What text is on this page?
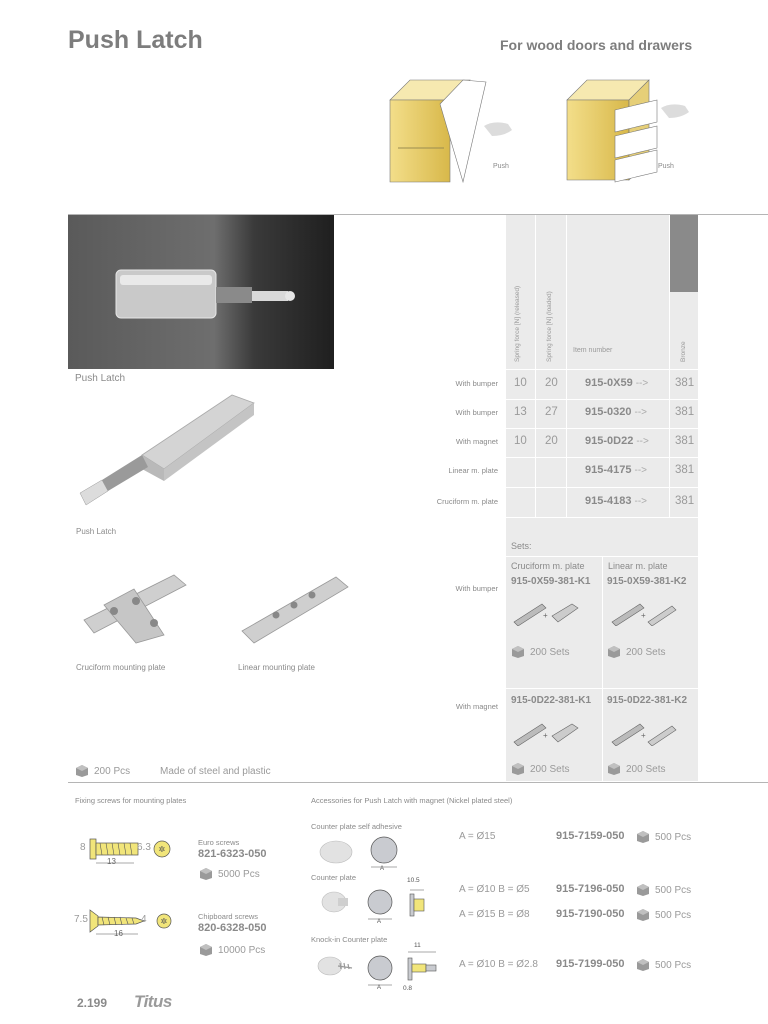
Push Latch	For wood doors and drawers
Push	Push
Spring force [N] (released)	Spring force [N] (loaded)	Item number	Bronze
Push Latch	With bumper 10 20 915-0X59 --> 381
With bumper 13 27 915-0320 --> 381
With magnet 10 20 915-0D22 --> 381
Linear m. plate	915-4175 --> 381
Cruciform m. plate	915-4183 --> 381
Push Latch
Cruciform mounting plate	Linear mounting plate
Sets:
Cruciform m. plate	Linear m. plate
With bumper
915-0X59-381-K1 915-0X59-381-K2
+	+
200 Sets	200 Sets
With magnet
915-0D22-381-K1 915-0D22-381-K2
+	+
200 Sets	200 Sets
200 Pcs	Made of steel and plastic
Fixing screws for mounting plates
✲
8	6.3
13
Euro screws
821-6323-050
5000 Pcs
✲
7.5	4
16
Chipboard screws
820-6328-050
10000 Pcs
Accessories for Push Latch with magnet (Nickel plated steel)
Counter plate self adhesive
A
A = Ø15	915-7159-050	500 Pcs
Counter plate
A
10.5
A = Ø10 B = Ø5 915-7196-050	500 Pcs
A = Ø15 B = Ø8 915-7190-050	500 Pcs
Knock-in Counter plate
A
11
0.8
A = Ø10 B = Ø2.8 915-7199-050	500 Pcs
2.199 Titus
